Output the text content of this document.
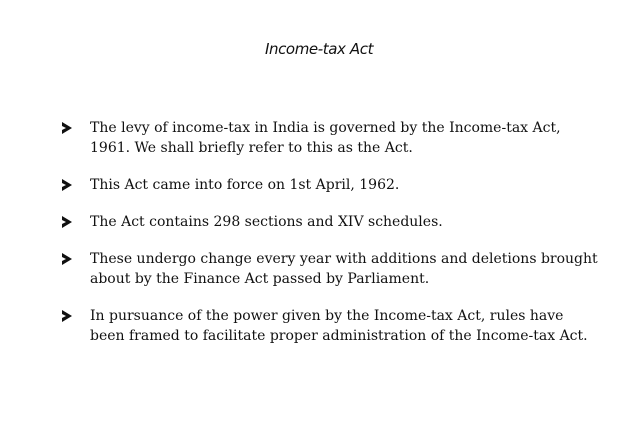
Income-tax Act
The levy of income-tax in India is governed by the Income-tax Act, 1961. We shall briefly refer to this as the Act.
This Act came into force on 1st April, 1962.
The Act contains 298 sections and XIV schedules.
These undergo change every year with additions and deletions brought about by the Finance Act passed by Parliament.
In pursuance of the power given by the Income-tax Act, rules have been framed to facilitate proper administration of the Income-tax Act.
